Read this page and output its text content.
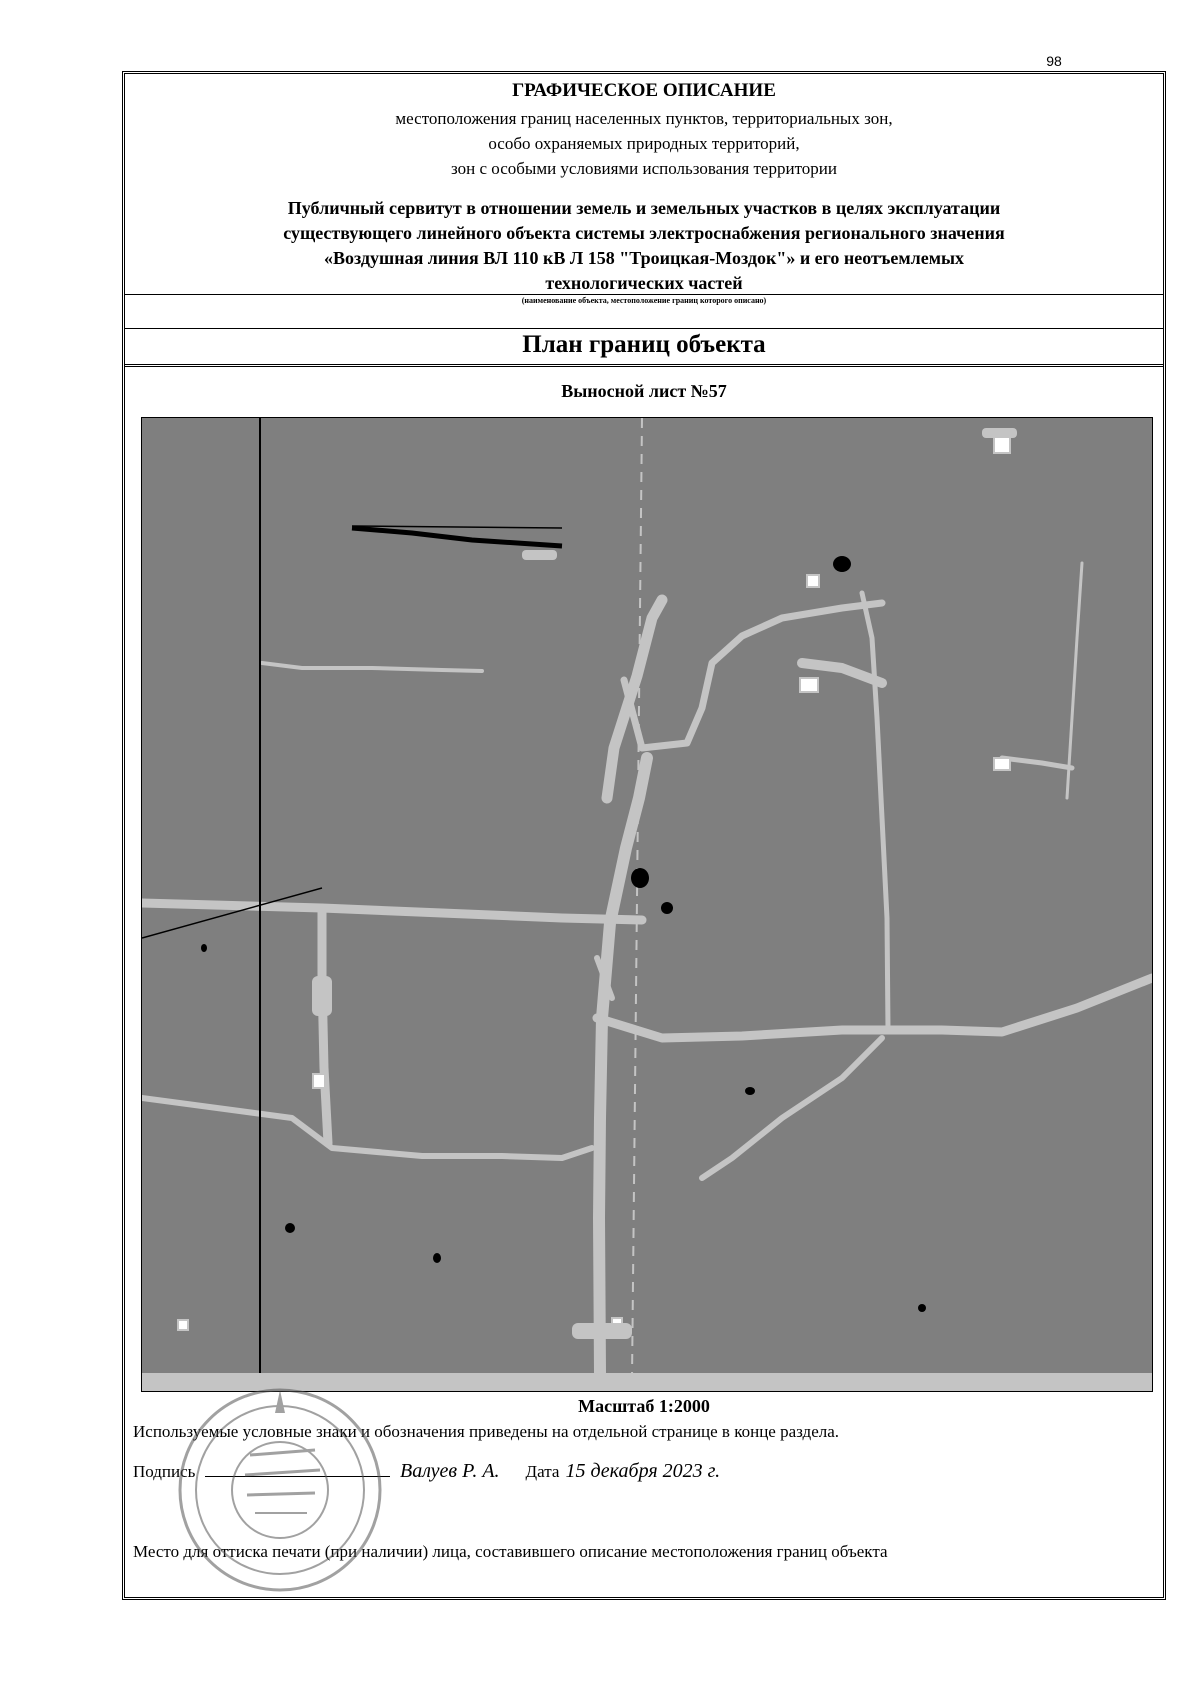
98
ГРАФИЧЕСКОЕ ОПИСАНИЕ
местоположения границ населенных пунктов, территориальных зон,
особо охраняемых природных территорий,
зон с особыми условиями использования территории
Публичный сервитут в отношении земель и земельных участков в целях эксплуатации
существующего линейного объекта системы электроснабжения регионального значения
«Воздушная линия ВЛ 110 кВ Л 158 "Троицкая-Моздок"» и его неотъемлемых
технологических частей
(наименование объекта, местоположение границ которого описано)
План границ объекта
Выносной лист №57
Масштаб 1:2000
Используемые условные знаки и обозначения приведены на отдельной странице в конце раздела.
Подпись	Валуев Р. А. Дата 15 декабря 2023 г.
Место для оттиска печати (при наличии) лица, составившего описание местоположения границ объекта
